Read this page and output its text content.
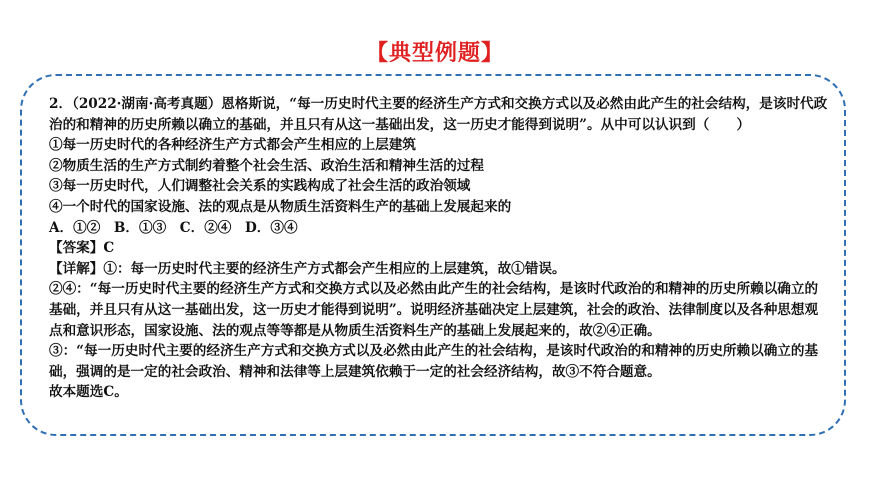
【典型例题】

2．（2022·湖南·高考真题）恩格斯说，“每一历史时代主要的经济生产方式和交换方式以及必然由此产生的社会结构，是该时代政治的和精神的历史所赖以确立的基础，并且只有从这一基础出发，这一历史才能得到说明”。从中可以认识到（　　）

①每一历史时代的各种经济生产方式都会产生相应的上层建筑

②物质生活的生产方式制约着整个社会生活、政治生活和精神生活的过程

③每一历史时代，人们调整社会关系的实践构成了社会生活的政治领域

④一个时代的国家设施、法的观点是从物质生活资料生产的基础上发展起来的

A．①②　B．①③　C．②④　D．③④

【答案】C

【详解】①：每一历史时代主要的经济生产方式都会产生相应的上层建筑，故①错误。

②④：“每一历史时代主要的经济生产方式和交换方式以及必然由此产生的社会结构，是该时代政治的和精神的历史所赖以确立的基础，并且只有从这一基础出发，这一历史才能得到说明”。说明经济基础决定上层建筑，社会的政治、法律制度以及各种思想观点和意识形态，国家设施、法的观点等等都是从物质生活资料生产的基础上发展起来的，故②④正确。

③：“每一历史时代主要的经济生产方式和交换方式以及必然由此产生的社会结构，是该时代政治的和精神的历史所赖以确立的基础，强调的是一定的社会政治、精神和法律等上层建筑依赖于一定的社会经济结构，故③不符合题意。

故本题选C。
